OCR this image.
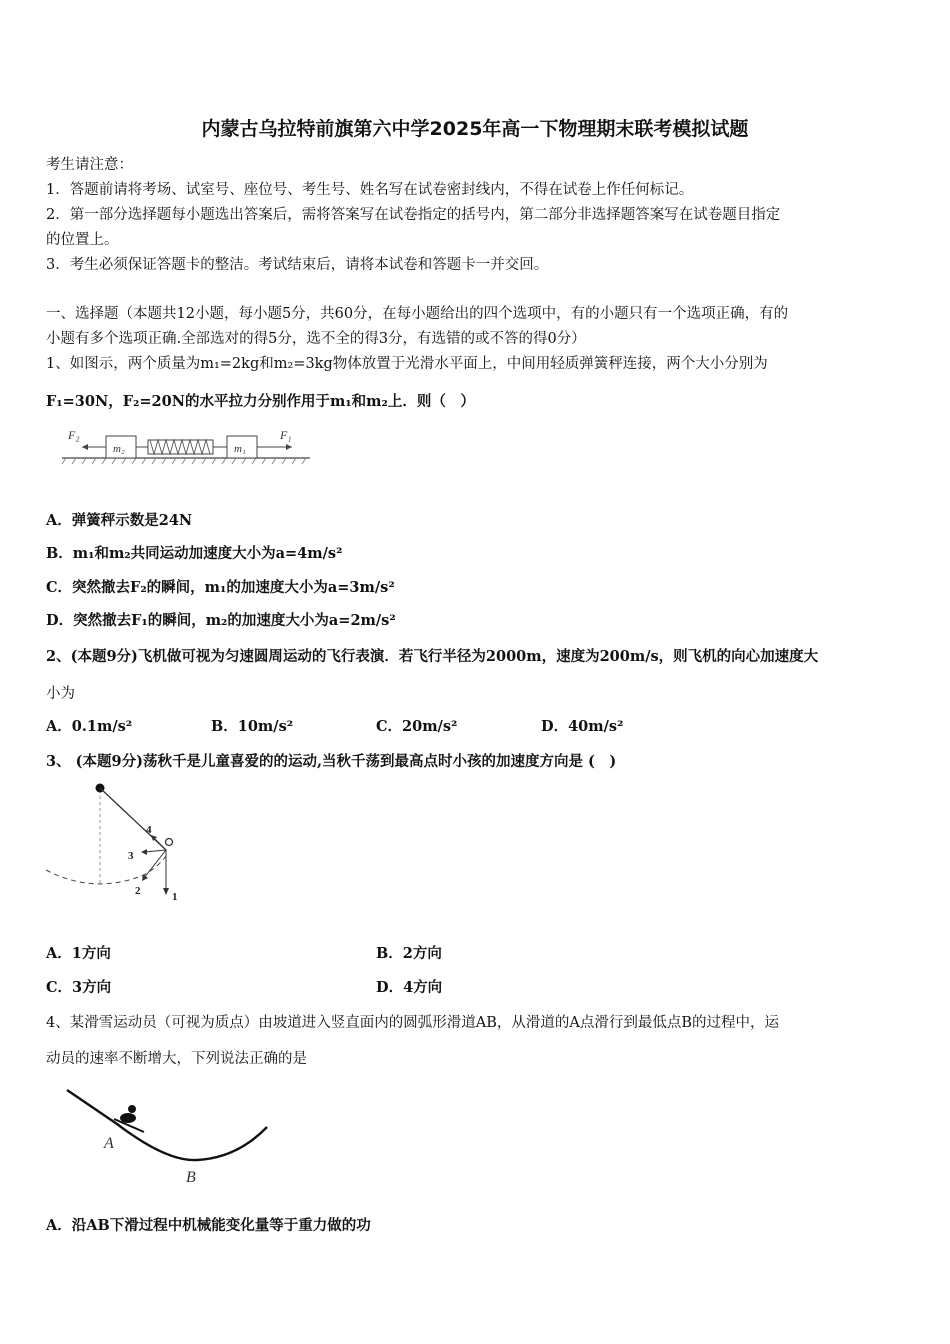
内蒙古乌拉特前旗第六中学2025年高一下物理期末联考模拟试题
考生请注意：
1．答题前请将考场、试室号、座位号、考生号、姓名写在试卷密封线内，不得在试卷上作任何标记。
2．第一部分选择题每小题选出答案后，需将答案写在试卷指定的括号内，第二部分非选择题答案写在试卷题目指定
的位置上。
3．考生必须保证答题卡的整洁。考试结束后，请将本试卷和答题卡一并交回。
一、选择题（本题共12小题，每小题5分，共60分，在每小题给出的四个选项中，有的小题只有一个选项正确，有的
小题有多个选项正确.全部选对的得5分，选不全的得3分，有选错的或不答的得0分）
1、如图示，两个质量为m₁=2kg和m₂=3kg物体放置于光滑水平面上，中间用轻质弹簧秤连接，两个大小分别为
F₁=30N，F₂=20N的水平拉力分别作用于m₁和m₂上．则（　）
F₂
m₂	m₁
F₁
A．弹簧秤示数是24N
B．m₁和m₂共同运动加速度大小为a=4m/s²
C．突然撤去F₂的瞬间，m₁的加速度大小为a=3m/s²
D．突然撤去F₁的瞬间，m₂的加速度大小为a=2m/s²
2、(本题9分)飞机做可视为匀速圆周运动的飞行表演．若飞行半径为2000m，速度为200m/s，则飞机的向心加速度大
小为
A．0.1m/s²	B．10m/s²	C．20m/s²	D．40m/s²
3、 (本题9分)荡秋千是儿童喜爱的的运动,当秋千荡到最高点时小孩的加速度方向是 (　)
1
2
3
4
A．1方向	B．2方向
C．3方向	D．4方向
4、某滑雪运动员（可视为质点）由坡道进入竖直面内的圆弧形滑道AB，从滑道的A点滑行到最低点B的过程中，运
动员的速率不断增大，下列说法正确的是
A
B
A．沿AB下滑过程中机械能变化量等于重力做的功
